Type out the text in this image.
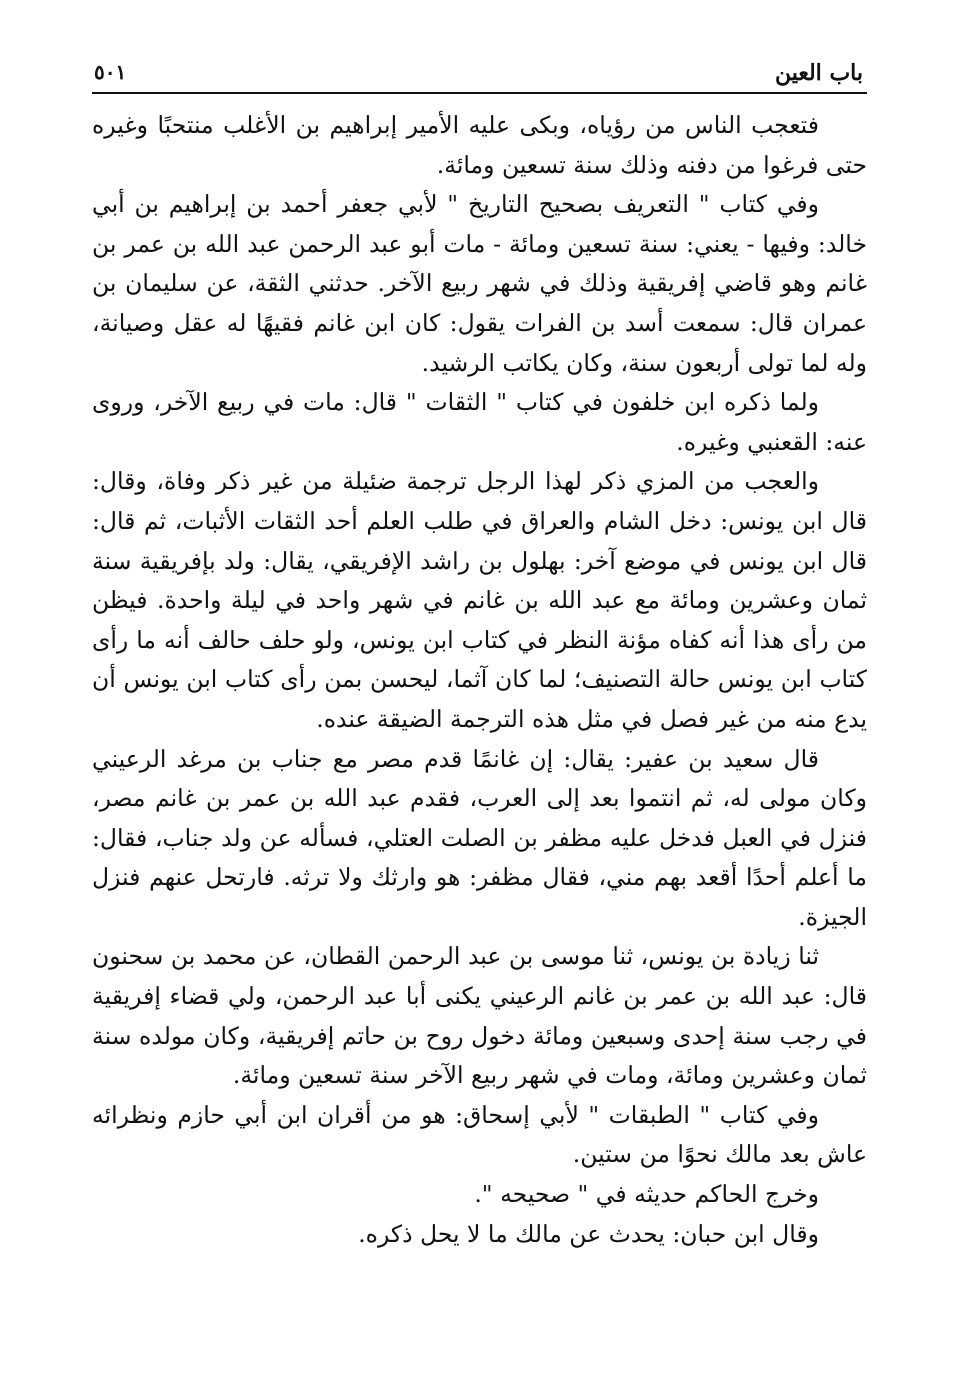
باب العين
٥٠١

فتعجب الناس من رؤياه، وبكى عليه الأمير إبراهيم بن الأغلب منتحبًا وغيره حتى فرغوا من دفنه وذلك سنة تسعين ومائة.

وفي كتاب " التعريف بصحيح التاريخ " لأبي جعفر أحمد بن إبراهيم بن أبي خالد: وفيها - يعني: سنة تسعين ومائة - مات أبو عبد الرحمن عبد الله بن عمر بن غانم وهو قاضي إفريقية وذلك في شهر ربيع الآخر. حدثني الثقة، عن سليمان بن عمران قال: سمعت أسد بن الفرات يقول: كان ابن غانم فقيهًا له عقل وصيانة، وله لما تولى أربعون سنة، وكان يكاتب الرشيد.

ولما ذكره ابن خلفون في كتاب " الثقات " قال: مات في ربيع الآخر، وروى عنه: القعنبي وغيره.

والعجب من المزي ذكر لهذا الرجل ترجمة ضئيلة من غير ذكر وفاة، وقال: قال ابن يونس: دخل الشام والعراق في طلب العلم أحد الثقات الأثبات، ثم قال: قال ابن يونس في موضع آخر: بهلول بن راشد الإفريقي، يقال: ولد بإفريقية سنة ثمان وعشرين ومائة مع عبد الله بن غانم في شهر واحد في ليلة واحدة. فيظن من رأى هذا أنه كفاه مؤنة النظر في كتاب ابن يونس، ولو حلف حالف أنه ما رأى كتاب ابن يونس حالة التصنيف؛ لما كان آثما، ليحسن بمن رأى كتاب ابن يونس أن يدع منه من غير فصل في مثل هذه الترجمة الضيقة عنده.

قال سعيد بن عفير: يقال: إن غانمًا قدم مصر مع جناب بن مرغد الرعيني وكان مولى له، ثم انتموا بعد إلى العرب، فقدم عبد الله بن عمر بن غانم مصر، فنزل في العبل فدخل عليه مظفر بن الصلت العتلي، فسأله عن ولد جناب، فقال: ما أعلم أحدًا أقعد بهم مني، فقال مظفر: هو وارثك ولا ترثه. فارتحل عنهم فنزل الجيزة.

ثنا زيادة بن يونس، ثنا موسى بن عبد الرحمن القطان، عن محمد بن سحنون قال: عبد الله بن عمر بن غانم الرعيني يكنى أبا عبد الرحمن، ولي قضاء إفريقية في رجب سنة إحدى وسبعين ومائة دخول روح بن حاتم إفريقية، وكان مولده سنة ثمان وعشرين ومائة، ومات في شهر ربيع الآخر سنة تسعين ومائة.

وفي كتاب " الطبقات " لأبي إسحاق: هو من أقران ابن أبي حازم ونظرائه عاش بعد مالك نحوًا من ستين.

وخرج الحاكم حديثه في " صحيحه ".

وقال ابن حبان: يحدث عن مالك ما لا يحل ذكره.
